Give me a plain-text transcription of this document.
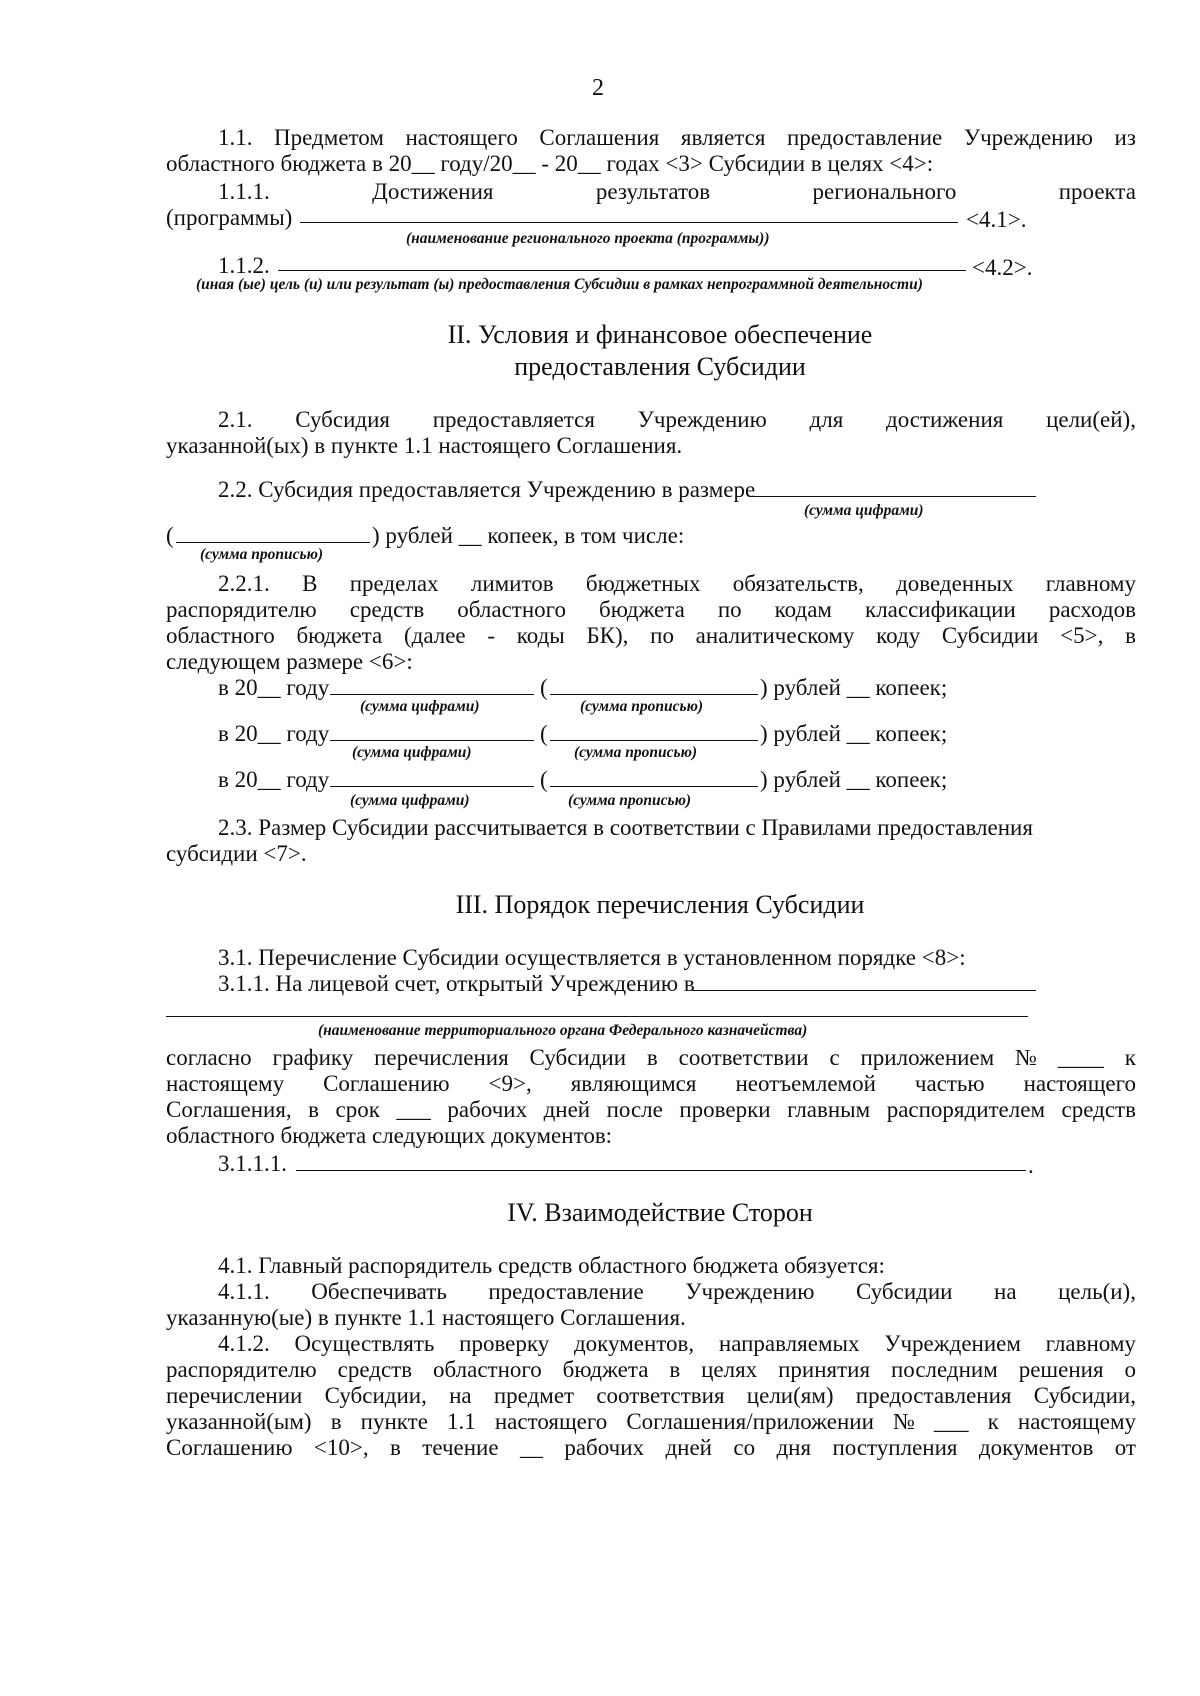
2
1.1. Предметом настоящего Соглашения является предоставление Учреждению из
областного бюджета в 20__ году/20__ - 20__ годах <3> Субсидии в целях <4>:
1.1.1.	Достижения	результатов	регионального	проекта
(программы)	<4.1>.
(наименование регионального проекта (программы))
1.1.2.	<4.2>.
(иная (ые) цель (и) или результат (ы) предоставления Субсидии в рамках непрограммной деятельности)
II. Условия и финансовое обеспечение
предоставления Субсидии
2.1. Субсидия предоставляется Учреждению для достижения цели(ей),
указанной(ых) в пункте 1.1 настоящего Соглашения.
2.2. Субсидия предоставляется Учреждению в размере
(сумма цифрами)
(	) рублей __ копеек, в том числе:
(сумма прописью)
2.2.1. В пределах лимитов бюджетных обязательств, доведенных главному
распорядителю средств областного бюджета по кодам классификации расходов
областного бюджета (далее - коды БК), по аналитическому коду Субсидии <5>, в
следующем размере <6>:
в 20__ году	(	) рублей __ копеек;
(сумма цифрами)	(сумма прописью)
в 20__ году	(	) рублей __ копеек;
(сумма цифрами)	(сумма прописью)
в 20__ году	(	) рублей __ копеек;
(сумма цифрами)	(сумма прописью)
2.3. Размер Субсидии рассчитывается в соответствии с Правилами предоставления
субсидии <7>.
III. Порядок перечисления Субсидии
3.1. Перечисление Субсидии осуществляется в установленном порядке <8>:
3.1.1. На лицевой счет, открытый Учреждению в
(наименование территориального органа Федерального казначейства)
согласно графику перечисления Субсидии в соответствии с приложением № ____ к
настоящему Соглашению <9>, являющимся неотъемлемой частью настоящего
Соглашения, в срок ___ рабочих дней после проверки главным распорядителем средств
областного бюджета следующих документов:
3.1.1.1.	.
IV. Взаимодействие Сторон
4.1. Главный распорядитель средств областного бюджета обязуется:
4.1.1. Обеспечивать предоставление Учреждению Субсидии на цель(и),
указанную(ые) в пункте 1.1 настоящего Соглашения.
4.1.2. Осуществлять проверку документов, направляемых Учреждением главному
распорядителю средств областного бюджета в целях принятия последним решения о
перечислении Субсидии, на предмет соответствия цели(ям) предоставления Субсидии,
указанной(ым) в пункте 1.1 настоящего Соглашения/приложении № ___ к настоящему
Соглашению <10>, в течение __ рабочих дней со дня поступления документов от
